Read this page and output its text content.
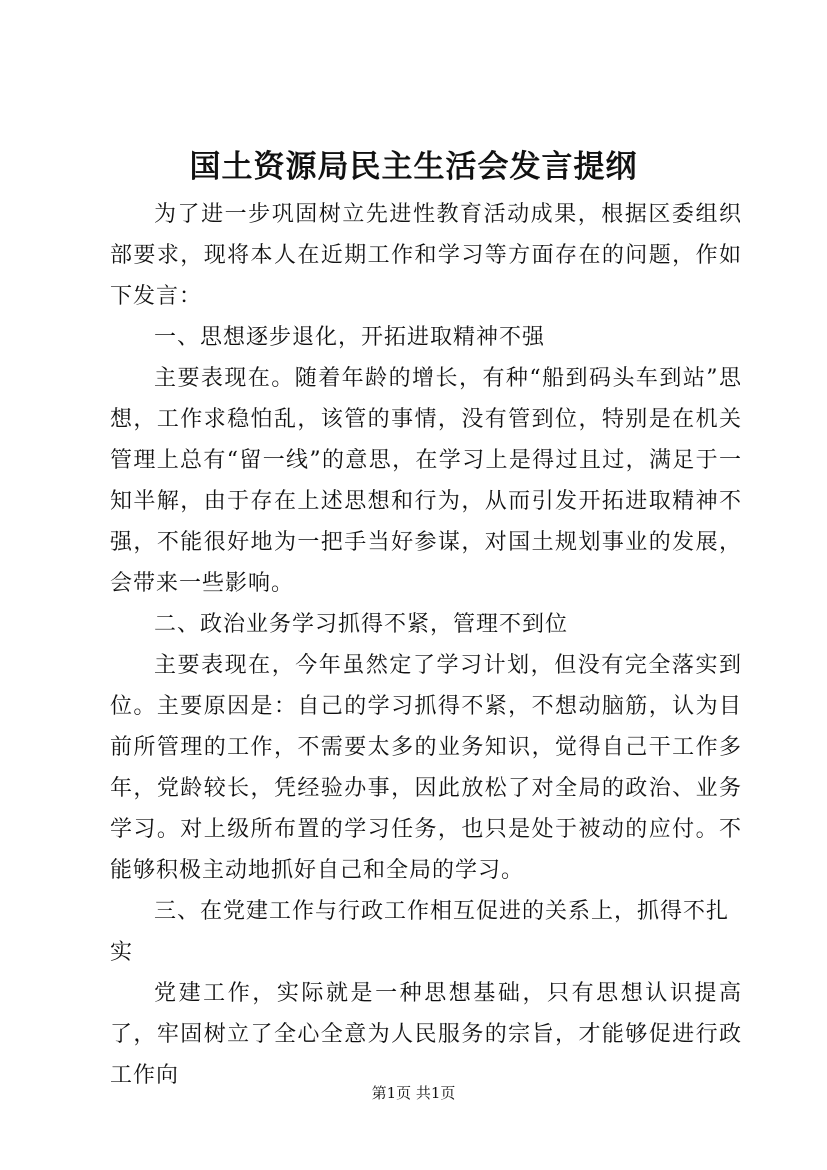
国土资源局民主生活会发言提纲

为了进一步巩固树立先进性教育活动成果，根据区委组织部要求，现将本人在近期工作和学习等方面存在的问题，作如下发言：

一、思想逐步退化，开拓进取精神不强

主要表现在。随着年龄的增长，有种“船到码头车到站”思想，工作求稳怕乱，该管的事情，没有管到位，特别是在机关管理上总有“留一线”的意思，在学习上是得过且过，满足于一知半解，由于存在上述思想和行为，从而引发开拓进取精神不强，不能很好地为一把手当好参谋，对国土规划事业的发展，会带来一些影响。

二、政治业务学习抓得不紧，管理不到位

主要表现在，今年虽然定了学习计划，但没有完全落实到位。主要原因是：自己的学习抓得不紧，不想动脑筋，认为目前所管理的工作，不需要太多的业务知识，觉得自己干工作多年，党龄较长，凭经验办事，因此放松了对全局的政治、业务学习。对上级所布置的学习任务，也只是处于被动的应付。不能够积极主动地抓好自己和全局的学习。

三、在党建工作与行政工作相互促进的关系上，抓得不扎实

党建工作，实际就是一种思想基础，只有思想认识提高了，牢固树立了全心全意为人民服务的宗旨，才能够促进行政工作向

第1页 共1页
